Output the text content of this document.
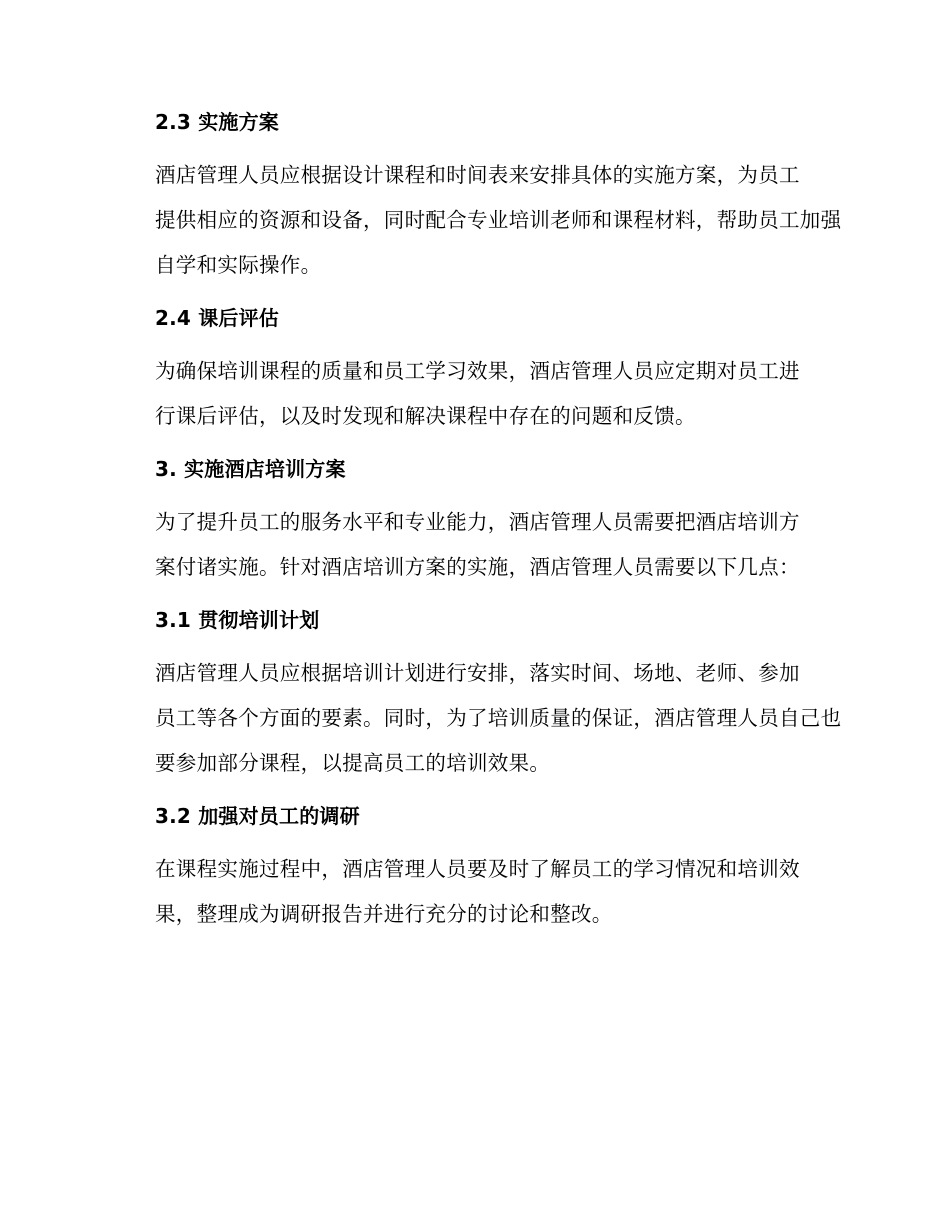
2.3 实施方案

酒店管理人员应根据设计课程和时间表来安排具体的实施方案，为员工
提供相应的资源和设备，同时配合专业培训老师和课程材料，帮助员工加强
自学和实际操作。

2.4 课后评估

为确保培训课程的质量和员工学习效果，酒店管理人员应定期对员工进
行课后评估，以及时发现和解决课程中存在的问题和反馈。

3. 实施酒店培训方案

为了提升员工的服务水平和专业能力，酒店管理人员需要把酒店培训方
案付诸实施。针对酒店培训方案的实施，酒店管理人员需要以下几点：

3.1 贯彻培训计划

酒店管理人员应根据培训计划进行安排，落实时间、场地、老师、参加
员工等各个方面的要素。同时，为了培训质量的保证，酒店管理人员自己也
要参加部分课程，以提高员工的培训效果。

3.2 加强对员工的调研

在课程实施过程中，酒店管理人员要及时了解员工的学习情况和培训效
果，整理成为调研报告并进行充分的讨论和整改。
